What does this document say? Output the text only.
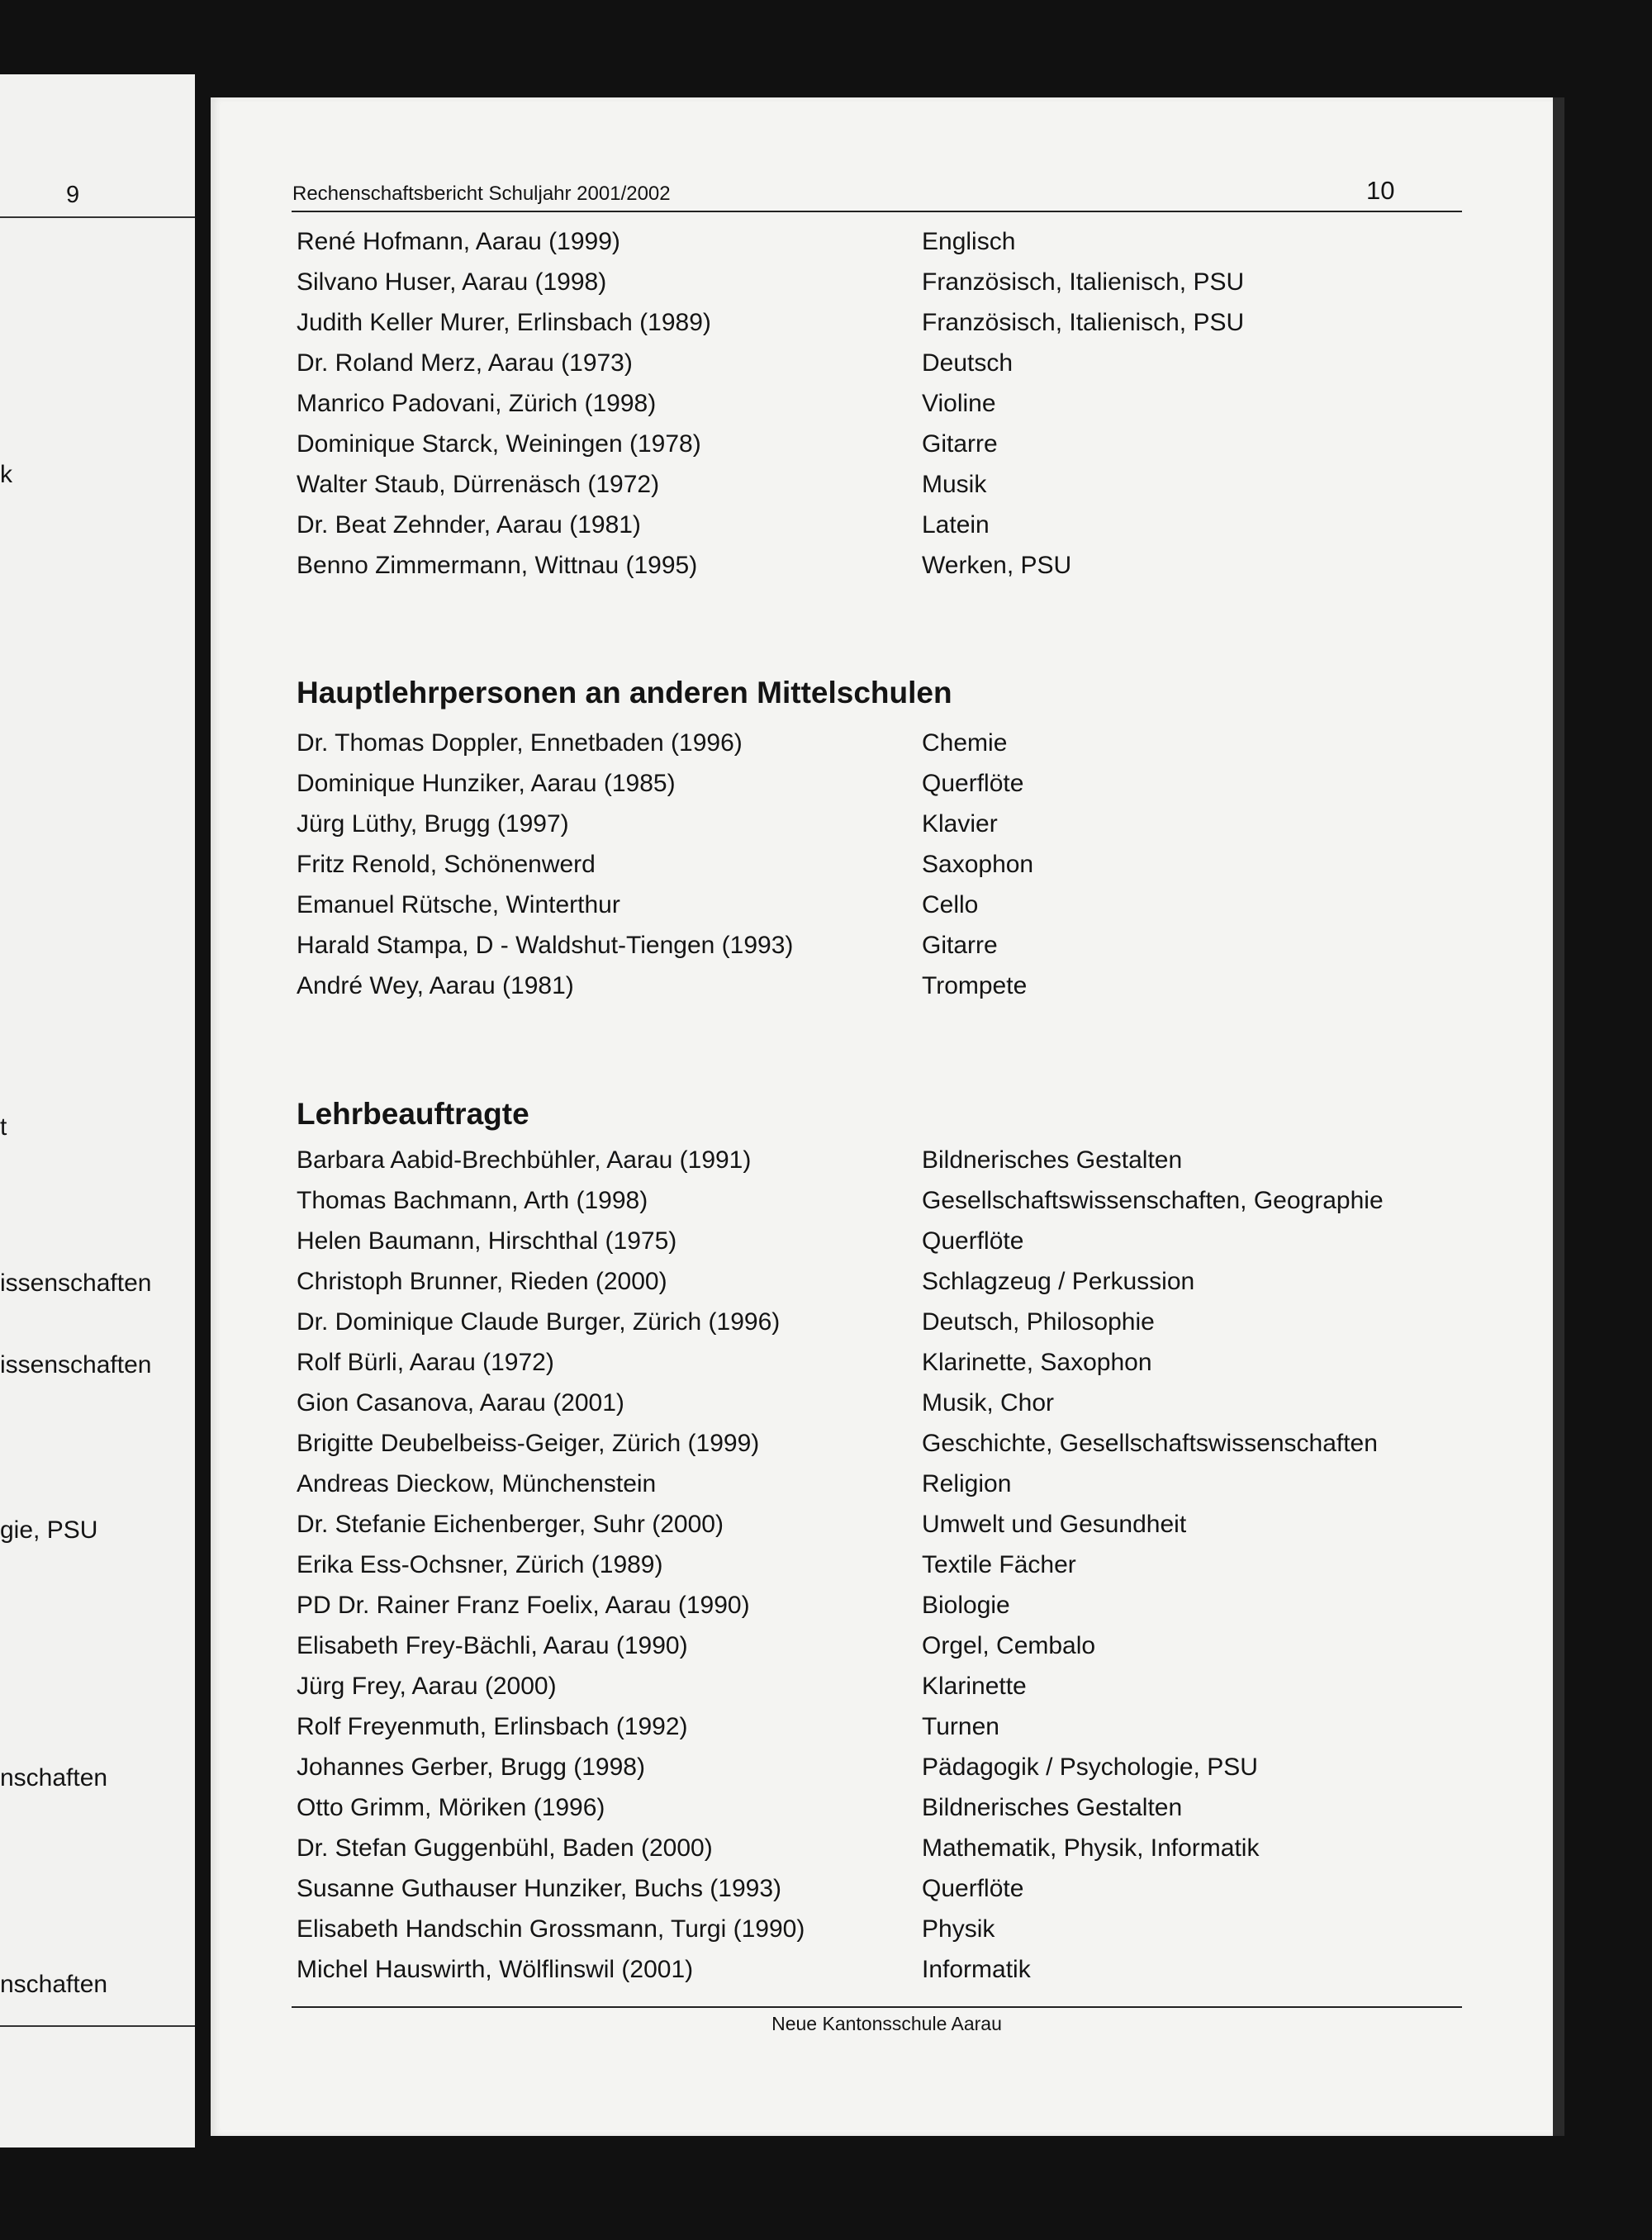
9
k
t
issenschaften
issenschaften
gie, PSU
nschaften
nschaften
Rechenschaftsbericht Schuljahr 2001/2002	10
René Hofmann, Aarau (1999)	Englisch
Silvano Huser, Aarau (1998)	Französisch, Italienisch, PSU
Judith Keller Murer, Erlinsbach (1989)	Französisch, Italienisch, PSU
Dr. Roland Merz, Aarau (1973)	Deutsch
Manrico Padovani, Zürich (1998)	Violine
Dominique Starck, Weiningen (1978)	Gitarre
Walter Staub, Dürrenäsch (1972)	Musik
Dr. Beat Zehnder, Aarau (1981)	Latein
Benno Zimmermann, Wittnau (1995)	Werken, PSU
Hauptlehrpersonen an anderen Mittelschulen
Dr. Thomas Doppler, Ennetbaden (1996)	Chemie
Dominique Hunziker, Aarau (1985)	Querflöte
Jürg Lüthy, Brugg (1997)	Klavier
Fritz Renold, Schönenwerd	Saxophon
Emanuel Rütsche, Winterthur	Cello
Harald Stampa, D - Waldshut-Tiengen (1993)	Gitarre
André Wey, Aarau (1981)	Trompete
Lehrbeauftragte
Barbara Aabid-Brechbühler, Aarau (1991)	Bildnerisches Gestalten
Thomas Bachmann, Arth (1998)	Gesellschaftswissenschaften, Geographie
Helen Baumann, Hirschthal (1975)	Querflöte
Christoph Brunner, Rieden (2000)	Schlagzeug / Perkussion
Dr. Dominique Claude Burger, Zürich (1996)	Deutsch, Philosophie
Rolf Bürli, Aarau (1972)	Klarinette, Saxophon
Gion Casanova, Aarau (2001)	Musik, Chor
Brigitte Deubelbeiss-Geiger, Zürich (1999)	Geschichte, Gesellschaftswissenschaften
Andreas Dieckow, Münchenstein	Religion
Dr. Stefanie Eichenberger, Suhr (2000)	Umwelt und Gesundheit
Erika Ess-Ochsner, Zürich (1989)	Textile Fächer
PD Dr. Rainer Franz Foelix, Aarau (1990)	Biologie
Elisabeth Frey-Bächli, Aarau (1990)	Orgel, Cembalo
Jürg Frey, Aarau (2000)	Klarinette
Rolf Freyenmuth, Erlinsbach (1992)	Turnen
Johannes Gerber, Brugg (1998)	Pädagogik / Psychologie, PSU
Otto Grimm, Möriken (1996)	Bildnerisches Gestalten
Dr. Stefan Guggenbühl, Baden (2000)	Mathematik, Physik, Informatik
Susanne Guthauser Hunziker, Buchs (1993)	Querflöte
Elisabeth Handschin Grossmann, Turgi (1990)	Physik
Michel Hauswirth, Wölflinswil (2001)	Informatik
Neue Kantonsschule Aarau
